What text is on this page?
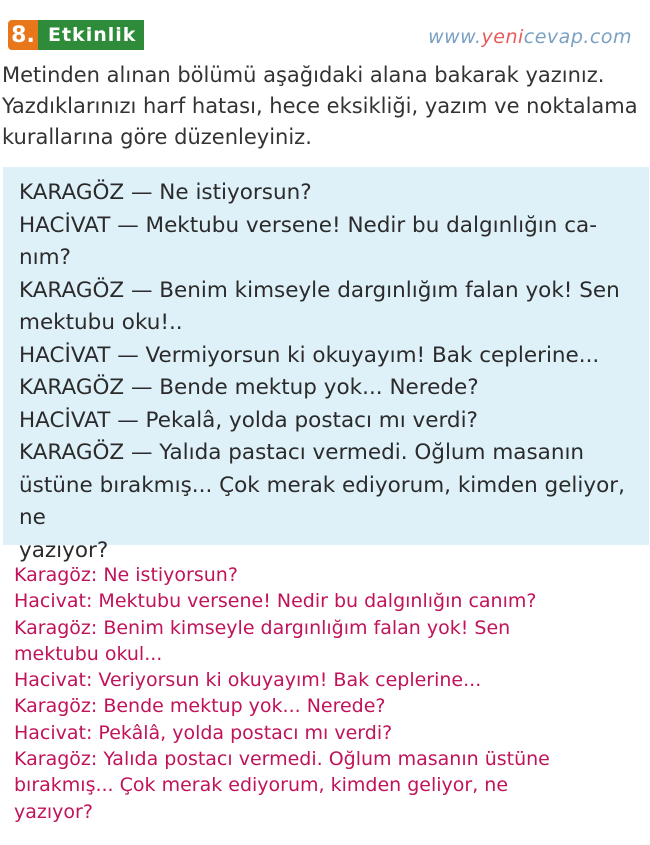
8. Etkinlik	www.yenicevap.com
Metinden alınan bölümü aşağıdaki alana bakarak yazınız.
Yazdıklarınızı harf hatası, hece eksikliği, yazım ve noktalama
kurallarına göre düzenleyiniz.

KARAGÖZ — Ne istiyorsun?

HACİVAT — Mektubu versene! Nedir bu dalgınlığın ca-

nım?

KARAGÖZ — Benim kimseyle dargınlığım falan yok! Sen

mektubu oku!..

HACİVAT — Vermiyorsun ki okuyayım! Bak ceplerine...

KARAGÖZ — Bende mektup yok... Nerede?

HACİVAT — Pekalâ, yolda postacı mı verdi?

KARAGÖZ — Yalıda pastacı vermedi. Oğlum masanın

üstüne bırakmış... Çok merak ediyorum, kimden geliyor, ne

yazıyor?

Karagöz: Ne istiyorsun?

Hacivat: Mektubu versene! Nedir bu dalgınlığın canım?

Karagöz: Benim kimseyle dargınlığım falan yok! Sen

mektubu okul...

Hacivat: Veriyorsun ki okuyayım! Bak ceplerine...

Karagöz: Bende mektup yok... Nerede?

Hacivat: Pekâlâ, yolda postacı mı verdi?

Karagöz: Yalıda postacı vermedi. Oğlum masanın üstüne

bırakmış... Çok merak ediyorum, kimden geliyor, ne

yazıyor?
